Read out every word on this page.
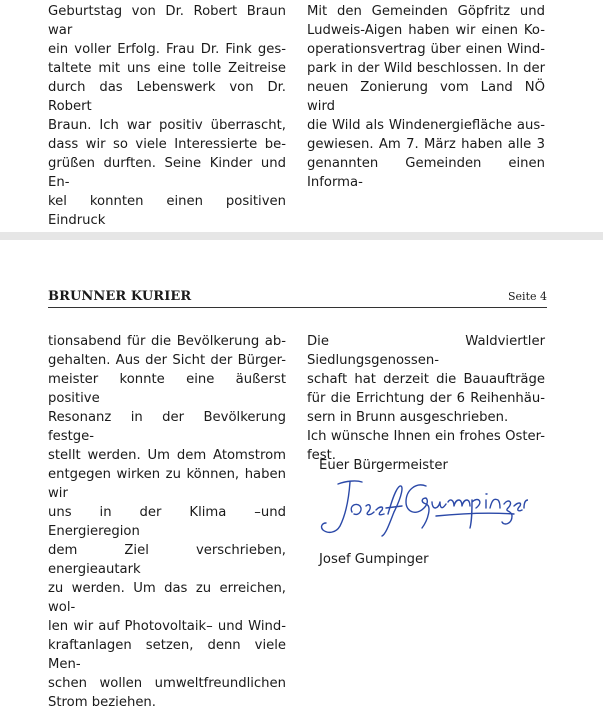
Geburtstag von Dr. Robert Braun war

ein voller Erfolg. Frau Dr. Fink ges-

taltete mit uns eine tolle Zeitreise

durch das Lebenswerk von Dr. Robert

Braun. Ich war positiv überrascht,

dass wir so viele Interessierte be-

grüßen durften. Seine Kinder und En-

kel konnten einen positiven Eindruck

Mit den Gemeinden Göpfritz und

Ludweis-Aigen haben wir einen Ko-

operationsvertrag über einen Wind-

park in der Wild beschlossen. In der

neuen Zonierung vom Land NÖ wird

die Wild als Windenergiefläche aus-

gewiesen. Am 7. März haben alle 3

genannten Gemeinden einen Informa-

BRUNNER KURIER	Seite 4

tionsabend für die Bevölkerung ab-

gehalten. Aus der Sicht der Bürger-

meister konnte eine äußerst positive

Resonanz in der Bevölkerung festge-

stellt werden. Um dem Atomstrom

entgegen wirken zu können, haben wir

uns in der Klima –und Energieregion

dem Ziel verschrieben, energieautark

zu werden. Um das zu erreichen, wol-

len wir auf Photovoltaik– und Wind-

kraftanlagen setzen, denn viele Men-

schen wollen umweltfreundlichen

Strom beziehen.

Die Waldviertler Siedlungsgenossen-

schaft hat derzeit die Bauaufträge

für die Errichtung der 6 Reihenhäu-

sern in Brunn ausgeschrieben.

Ich wünsche Ihnen ein frohes Oster-

fest.

Euer Bürgermeister
Josef Gumpinger
